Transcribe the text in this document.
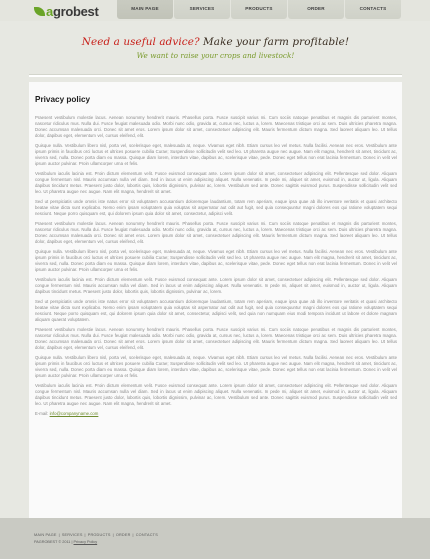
agrobest	MAIN PAGE	SERVICES	PRODUCTS	ORDER	CONTACTS
Need a useful advice? Make your farm profitable!
We want to raise your crops and livestock!
Privacy policy

Praesent vestibulum molestie lacus. Aenean nonummy hendrerit mauris. Phasellus porta. Fusce suscipit varius mi. Cum sociis natoque penatibus et magnis dis parturient montes, nascetur ridiculus mus. Nulla dui. Fusce feugiat malesuada odio. Morbi nunc odio, gravida at, cursus nec, luctus a, lorem. Maecenas tristique orci ac sem. Duis ultricies pharetra magna. Donec accumsan malesuada orci. Donec sit amet eros. Lorem ipsum dolor sit amet, consectetuer adipiscing elit. Mauris fermentum dictum magna. Sed laoreet aliquam leo. Ut tellus dolor, dapibus eget, elementum vel, cursus eleifend, elit.

Quisque nulla. Vestibulum libero nisl, porta vel, scelerisque eget, malesuada at, neque. Vivamus eget nibh. Etiam cursus leo vel metus. Nulla facilisi. Aenean nec eros. Vestibulum ante ipsum primis in faucibus orci luctus et ultrices posuere cubilia Curae; Suspendisse sollicitudin velit sed leo. Ut pharetra augue nec augue. Nam elit magna, hendrerit sit amet, tincidunt ac, viverra sed, nulla. Donec porta diam eu massa. Quisque diam lorem, interdum vitae, dapibus ac, scelerisque vitae, pede. Donec eget tellus non erat lacinia fermentum. Donec in velit vel ipsum auctor pulvinar. Proin ullamcorper urna et felis.

Vestibulum iaculis lacinia est. Proin dictum elementum velit. Fusce euismod consequat ante. Lorem ipsum dolor sit amet, consectetuer adipiscing elit. Pellentesque sed dolor. Aliquam congue fermentum nisl. Mauris accumsan nulla vel diam. Sed in lacus ut enim adipiscing aliquet. Nulla venenatis. In pede mi, aliquet sit amet, euismod in, auctor ut, ligula. Aliquam dapibus tincidunt metus. Praesent justo dolor, lobortis quis, lobortis dignissim, pulvinar ac, lorem. Vestibulum sed ante. Donec sagittis euismod purus. Suspendisse sollicitudin velit sed leo. Ut pharetra augue nec augue. Nam elit magna, hendrerit sit amet.

Sed ut perspiciatis unde omnis iste natus error sit voluptatem accusantium doloremque laudantium, totam rem aperiam, eaque ipsa quae ab illo inventore veritatis et quasi architecto beatae vitae dicta sunt explicabo. Nemo enim ipsam voluptatem quia voluptas sit aspernatur aut odit aut fugit, sed quia consequuntur magni dolores eos qui ratione voluptatem sequi nesciunt. Neque porro quisquam est, qui dolorem ipsum quia dolor sit amet, consectetur, adipisci velit.

Praesent vestibulum molestie lacus. Aenean nonummy hendrerit mauris. Phasellus porta. Fusce suscipit varius mi. Cum sociis natoque penatibus et magnis dis parturient montes, nascetur ridiculus mus. Nulla dui. Fusce feugiat malesuada odio. Morbi nunc odio, gravida at, cursus nec, luctus a, lorem. Maecenas tristique orci ac sem. Duis ultricies pharetra magna. Donec accumsan malesuada orci. Donec sit amet eros. Lorem ipsum dolor sit amet, consectetuer adipiscing elit. Mauris fermentum dictum magna. Sed laoreet aliquam leo. Ut tellus dolor, dapibus eget, elementum vel, cursus eleifend, elit.

Quisque nulla. Vestibulum libero nisl, porta vel, scelerisque eget, malesuada at, neque. Vivamus eget nibh. Etiam cursus leo vel metus. Nulla facilisi. Aenean nec eros. Vestibulum ante ipsum primis in faucibus orci luctus et ultrices posuere cubilia Curae; Suspendisse sollicitudin velit sed leo. Ut pharetra augue nec augue. Nam elit magna, hendrerit sit amet, tincidunt ac, viverra sed, nulla. Donec porta diam eu massa. Quisque diam lorem, interdum vitae, dapibus ac, scelerisque vitae, pede. Donec eget tellus non erat lacinia fermentum. Donec in velit vel ipsum auctor pulvinar. Proin ullamcorper urna et felis.

Vestibulum iaculis lacinia est. Proin dictum elementum velit. Fusce euismod consequat ante. Lorem ipsum dolor sit amet, consectetuer adipiscing elit. Pellentesque sed dolor. Aliquam congue fermentum nisl. Mauris accumsan nulla vel diam. Sed in lacus ut enim adipiscing aliquet. Nulla venenatis. In pede mi, aliquet sit amet, euismod in, auctor ut, ligula. Aliquam dapibus tincidunt metus. Praesent justo dolor, lobortis quis, lobortis dignissim, pulvinar ac, lorem.

Sed ut perspiciatis unde omnis iste natus error sit voluptatem accusantium doloremque laudantium, totam rem aperiam, eaque ipsa quae ab illo inventore veritatis et quasi architecto beatae vitae dicta sunt explicabo. Nemo enim ipsam voluptatem quia voluptas sit aspernatur aut odit aut fugit, sed quia consequuntur magni dolores eos qui ratione voluptatem sequi nesciunt. Neque porro quisquam est, qui dolorem ipsum quia dolor sit amet, consectetur, adipisci velit, sed quia non numquam eius modi tempora incidunt ut labore et dolore magnam aliquam quaerat voluptatem.

Praesent vestibulum molestie lacus. Aenean nonummy hendrerit mauris. Phasellus porta. Fusce suscipit varius mi. Cum sociis natoque penatibus et magnis dis parturient montes, nascetur ridiculus mus. Nulla dui. Fusce feugiat malesuada odio. Morbi nunc odio, gravida at, cursus nec, luctus a, lorem. Maecenas tristique orci ac sem. Duis ultricies pharetra magna. Donec accumsan malesuada orci. Donec sit amet eros. Lorem ipsum dolor sit amet, consectetuer adipiscing elit. Mauris fermentum dictum magna. Sed laoreet aliquam leo. Ut tellus dolor, dapibus eget, elementum vel, cursus eleifend, elit.

Quisque nulla. Vestibulum libero nisl, porta vel, scelerisque eget, malesuada at, neque. Vivamus eget nibh. Etiam cursus leo vel metus. Nulla facilisi. Aenean nec eros. Vestibulum ante ipsum primis in faucibus orci luctus et ultrices posuere cubilia Curae; Suspendisse sollicitudin velit sed leo. Ut pharetra augue nec augue. Nam elit magna, hendrerit sit amet, tincidunt ac, viverra sed, nulla. Donec porta diam eu massa. Quisque diam lorem, interdum vitae, dapibus ac, scelerisque vitae, pede. Donec eget tellus non erat lacinia fermentum. Donec in velit vel ipsum auctor pulvinar. Proin ullamcorper urna et felis.

Vestibulum iaculis lacinia est. Proin dictum elementum velit. Fusce euismod consequat ante. Lorem ipsum dolor sit amet, consectetuer adipiscing elit. Pellentesque sed dolor. Aliquam congue fermentum nisl. Mauris accumsan nulla vel diam. Sed in lacus ut enim adipiscing aliquet. Nulla venenatis. In pede mi, aliquet sit amet, euismod in, auctor ut, ligula. Aliquam dapibus tincidunt metus. Praesent justo dolor, lobortis quis, lobortis dignissim, pulvinar ac, lorem. Vestibulum sed ante. Donec sagittis euismod purus. Suspendisse sollicitudin velit sed leo. Ut pharetra augue nec augue. Nam elit magna, hendrerit sit amet.

E-mail: info@companyname.com
MAIN PAGE | SERVICES | PRODUCTS | ORDER | CONTACTS
PAGROBEST © 2011 | Privacy Policy
